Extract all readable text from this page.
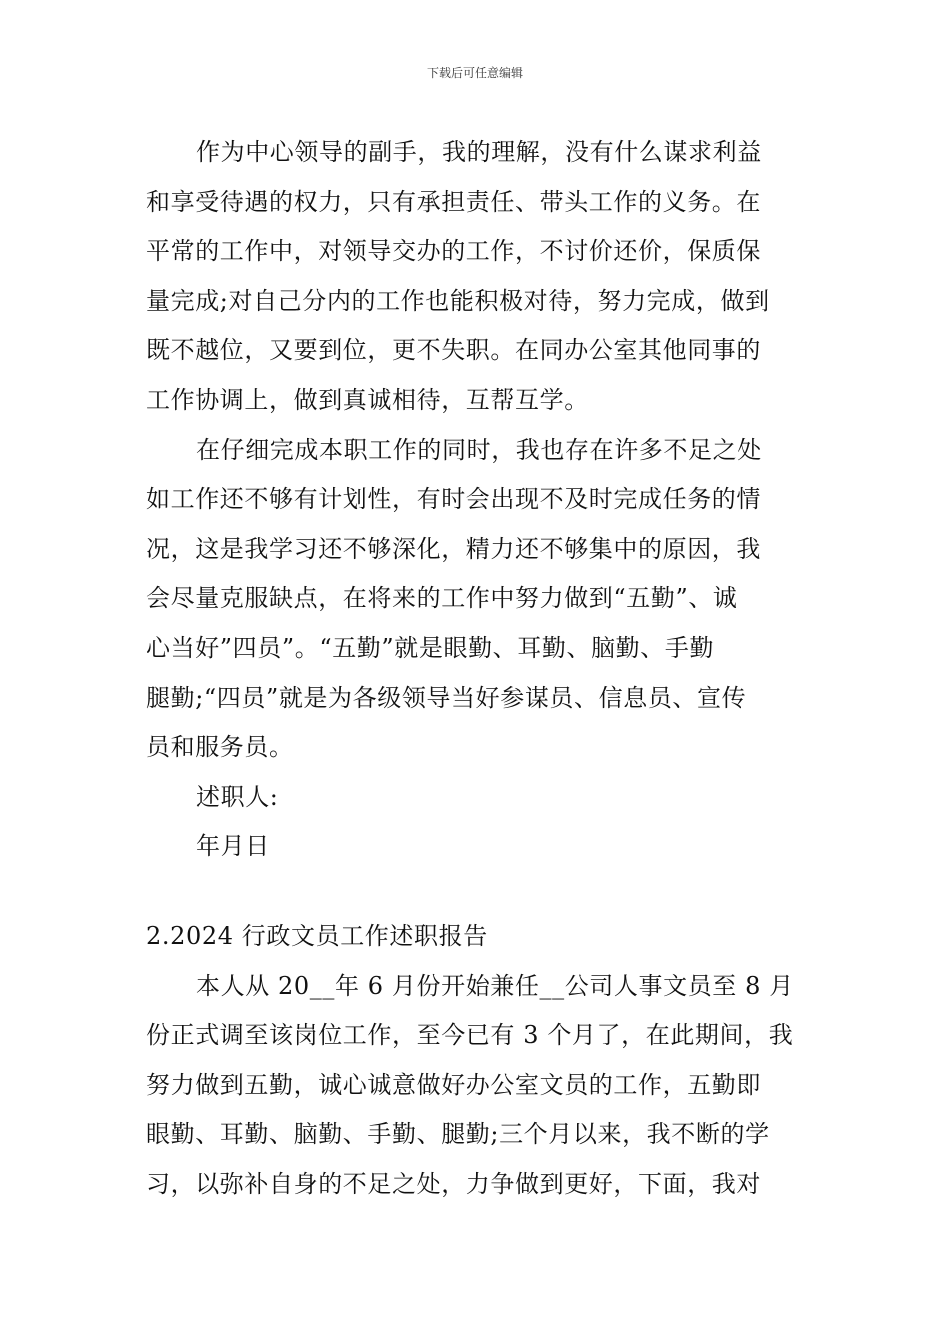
下载后可任意编辑
作为中心领导的副手，我的理解，没有什么谋求利益
和享受待遇的权力，只有承担责任、带头工作的义务。在
平常的工作中，对领导交办的工作，不讨价还价，保质保
量完成;对自己分内的工作也能积极对待，努力完成，做到
既不越位，又要到位，更不失职。在同办公室其他同事的
工作协调上，做到真诚相待，互帮互学。
在仔细完成本职工作的同时，我也存在许多不足之处
如工作还不够有计划性，有时会出现不及时完成任务的情
况，这是我学习还不够深化，精力还不够集中的原因，我
会尽量克服缺点，在将来的工作中努力做到“五勤”、诚
心当好”四员”。“五勤”就是眼勤、耳勤、脑勤、手勤
腿勤;“四员”就是为各级领导当好参谋员、信息员、宣传
员和服务员。
述职人:
年月日
2.2024 行政文员工作述职报告
本人从 20__年 6 月份开始兼任__公司人事文员至 8 月
份正式调至该岗位工作，至今已有 3 个月了，在此期间，我
努力做到五勤，诚心诚意做好办公室文员的工作，五勤即
眼勤、耳勤、脑勤、手勤、腿勤;三个月以来，我不断的学
习，以弥补自身的不足之处，力争做到更好，下面，我对
